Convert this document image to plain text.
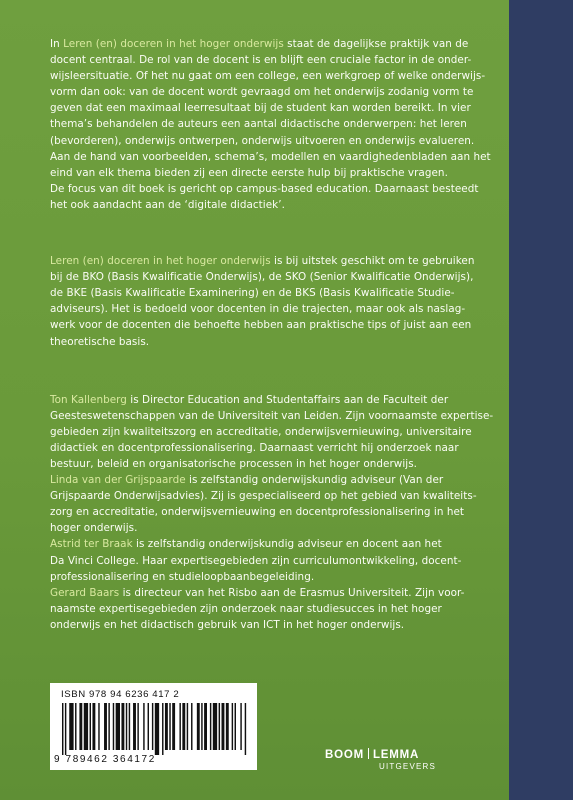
In Leren (en) doceren in het hoger onderwijs staat de dagelijkse praktijk van de
docent centraal. De rol van de docent is en blijft een cruciale factor in de onder-
wijsleersituatie. Of het nu gaat om een college, een werkgroep of welke onderwijs-
vorm dan ook: van de docent wordt gevraagd om het onderwijs zodanig vorm te
geven dat een maximaal leerresultaat bij de student kan worden bereikt. In vier
thema’s behandelen de auteurs een aantal didactische onderwerpen: het leren
(bevorderen), onderwijs ontwerpen, onderwijs uitvoeren en onderwijs evalueren.
Aan de hand van voorbeelden, schema’s, modellen en vaardighedenbladen aan het
eind van elk thema bieden zij een directe eerste hulp bij praktische vragen.
De focus van dit boek is gericht op campus-based education. Daarnaast besteedt
het ook aandacht aan de ‘digitale didactiek’.
Leren (en) doceren in het hoger onderwijs is bij uitstek geschikt om te gebruiken
bij de BKO (Basis Kwalificatie Onderwijs), de SKO (Senior Kwalificatie Onderwijs),
de BKE (Basis Kwalificatie Examinering) en de BKS (Basis Kwalificatie Studie-
adviseurs). Het is bedoeld voor docenten in die trajecten, maar ook als naslag-
werk voor de docenten die behoefte hebben aan praktische tips of juist aan een
theoretische basis.
Ton Kallenberg is Director Education and Studentaffairs aan de Faculteit der
Geesteswetenschappen van de Universiteit van Leiden. Zijn voornaamste expertise-
gebieden zijn kwaliteitszorg en accreditatie, onderwijsvernieuwing, universitaire
didactiek en docentprofessionalisering. Daarnaast verricht hij onderzoek naar
bestuur, beleid en organisatorische processen in het hoger onderwijs.
Linda van der Grijspaarde is zelfstandig onderwijskundig adviseur (Van der
Grijspaarde Onderwijsadvies). Zij is gespecialiseerd op het gebied van kwaliteits-
zorg en accreditatie, onderwijsvernieuwing en docentprofessionalisering in het
hoger onderwijs.
Astrid ter Braak is zelfstandig onderwijskundig adviseur en docent aan het
Da Vinci College. Haar expertisegebieden zijn curriculumontwikkeling, docent-
professionalisering en studieloopbaanbegeleiding.
Gerard Baars is directeur van het Risbo aan de Erasmus Universiteit. Zijn voor-
naamste expertisegebieden zijn onderzoek naar studiesucces in het hoger
onderwijs en het didactisch gebruik van ICT in het hoger onderwijs.
ISBN 978 94 6236 417 2
9 789462 364172	BOOM LEMMA
UITGEVERS
